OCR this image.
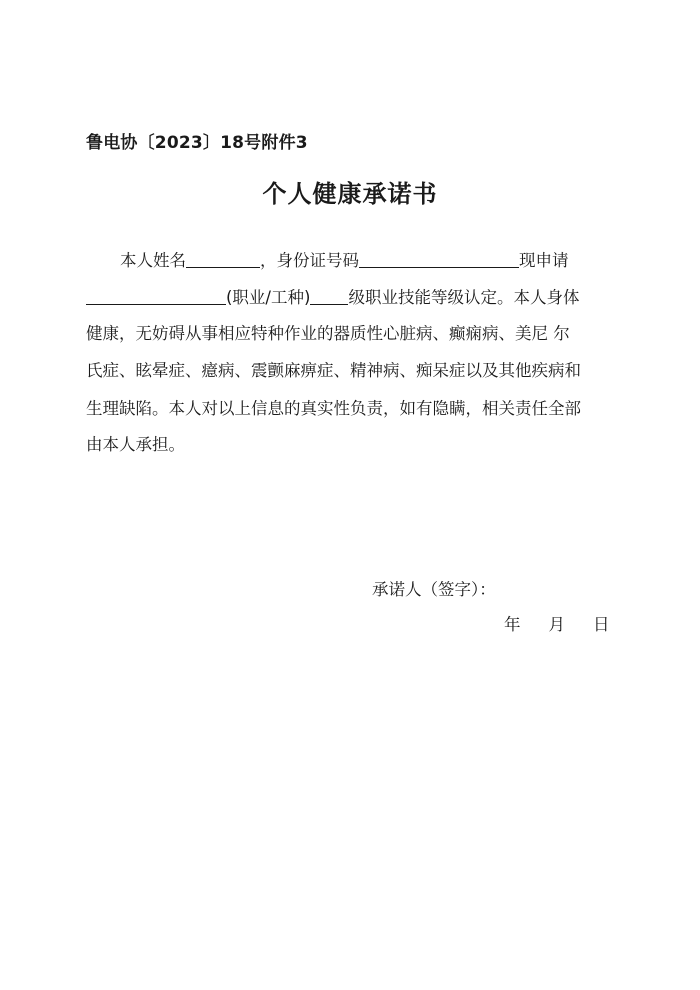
鲁电协〔2023〕18号附件3
个人健康承诺书
本人姓名	，身份证号码	现申请
(职业/工种) 级职业技能等级认定。本人身体
健康，无妨碍从事相应特种作业的器质性心脏病、癫痫病、美尼 尔
氏症、眩晕症、癔病、震颤麻痹症、精神病、痴呆症以及其他疾病和
生理缺陷。本人对以上信息的真实性负责，如有隐瞒，相关责任全部
由本人承担。
承诺人（签字）：
年 月 日
